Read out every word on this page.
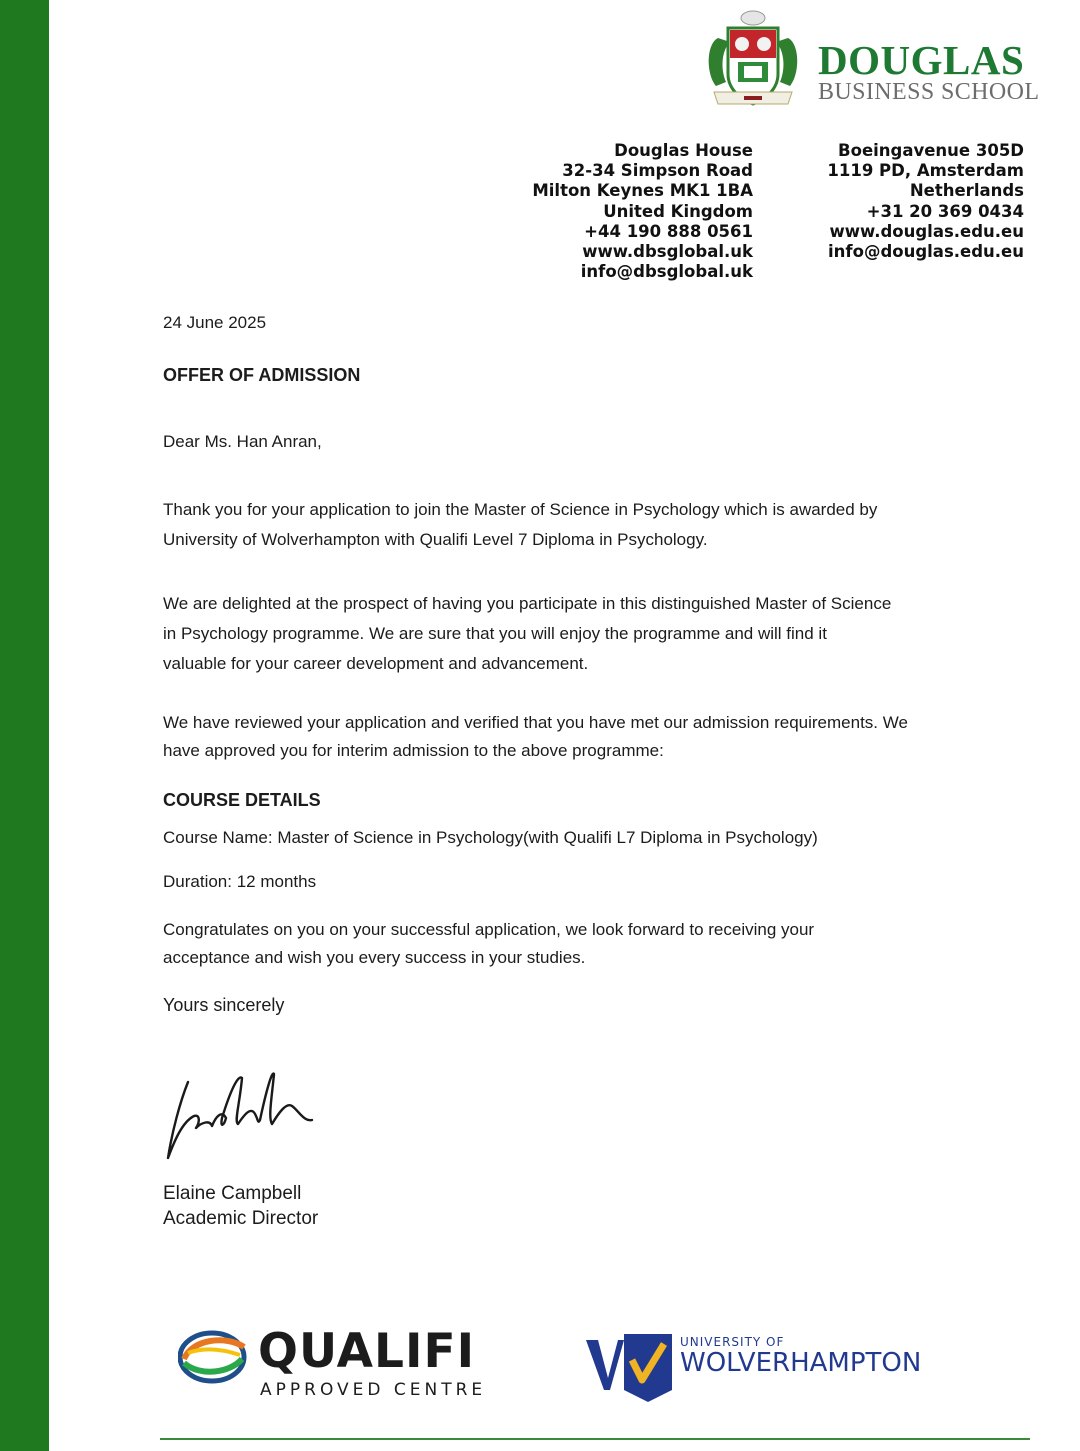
DOUGLAS
BUSINESS SCHOOL
Douglas House
32-34 Simpson Road
Milton Keynes MK1 1BA
United Kingdom
+44 190 888 0561
www.dbsglobal.uk
info@dbsglobal.uk
Boeingavenue 305D
1119 PD, Amsterdam
Netherlands
+31 20 369 0434
www.douglas.edu.eu
info@douglas.edu.eu
24 June 2025
OFFER OF ADMISSION
Dear Ms. Han Anran,
Thank you for your application to join the Master of Science in Psychology which is awarded by
University of Wolverhampton with Qualifi Level 7 Diploma in Psychology.
We are delighted at the prospect of having you participate in this distinguished Master of Science
in Psychology programme. We are sure that you will enjoy the programme and will find it
valuable for your career development and advancement.
We have reviewed your application and verified that you have met our admission requirements. We
have approved you for interim admission to the above programme:
COURSE DETAILS
Course Name: Master of Science in Psychology(with Qualifi L7 Diploma in Psychology)
Duration: 12 months
Congratulates on you on your successful application, we look forward to receiving your
acceptance and wish you every success in your studies.
Yours sincerely
Elaine Campbell
Academic Director
QUALIFI
APPROVED CENTRE
UNIVERSITY OF
WOLVERHAMPTON
